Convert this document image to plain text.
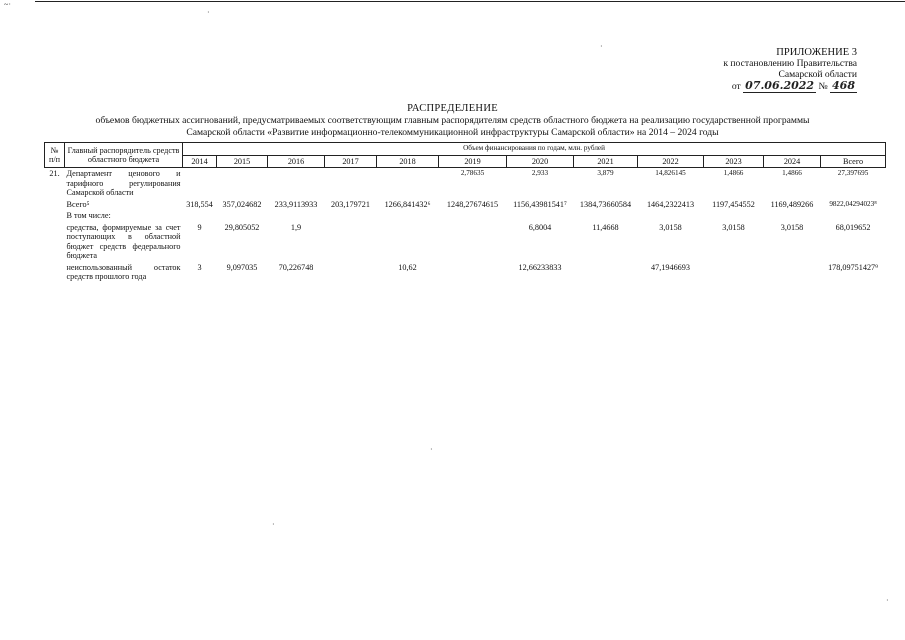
~·
ПРИЛОЖЕНИЕ 3
к постановлению Правительства
Самарской области
от 07.06.2022 № 468
РАСПРЕДЕЛЕНИЕ
объемов бюджетных ассигнований, предусматриваемых соответствующим главным распорядителям средств областного бюджета на реализацию государственной программы
Самарской области «Развитие информационно-телекоммуникационной инфраструктуры Самарской области» на 2014 – 2024 годы
№ п/п	Главный распорядитель средств областного бюджета	Объем финансирования по годам, млн. рублей											
		2014	2015	2016	2017	2018	2019	2020	2021	2022	2023	2024	Всего
21.	Департамент ценового и тарифного регулирования Самарской области						2,78635	2,933	3,879	14,826145	1,4866	1,4866	27,397695
	Всего⁵	318,554	357,024682	233,9113933	203,179721	1266,841432⁶	1248,27674615	1156,43981541⁷	1384,73660584	1464,2322413	1197,454552	1169,489266	9822,04294023⁸
	В том числе:												
	средства, формируемые за счет поступающих в областной бюджет средств федерального бюджета	9	29,805052	1,9				6,8004	11,4668	3,0158	3,0158	3,0158	68,019652
	неиспользованный остаток средств прошлого года	3	9,097035	70,226748		10,62		12,66233833		47,1946693			178,09751427⁹
·
·
·
·
·
